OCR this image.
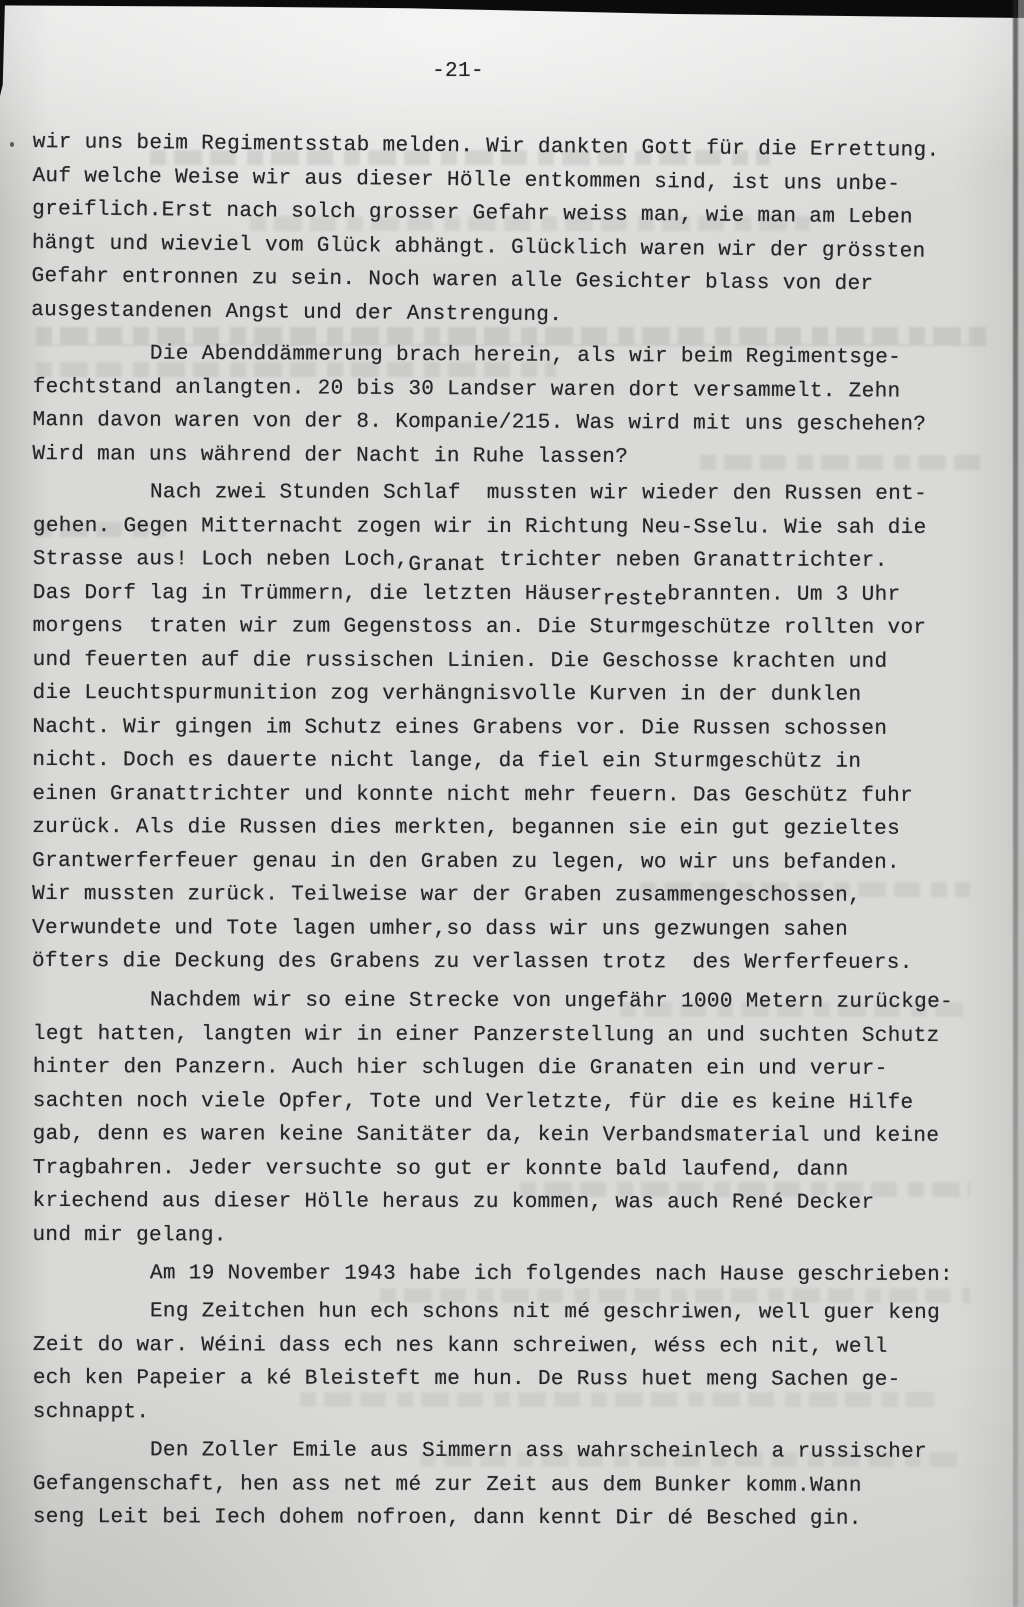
-21-
wir uns beim Regimentsstab melden. Wir dankten Gott für die Errettung.
Auf welche Weise wir aus dieser Hölle entkommen sind, ist uns unbe-
greiflich.Erst nach solch grosser Gefahr weiss man, wie man am Leben
hängt und wieviel vom Glück abhängt. Glücklich waren wir der grössten
Gefahr entronnen zu sein. Noch waren alle Gesichter blass von der
ausgestandenen Angst und der Anstrengung.
Die Abenddämmerung brach herein, als wir beim Regimentsge-
fechtstand anlangten. 20 bis 30 Landser waren dort versammelt. Zehn
Mann davon waren von der 8. Kompanie/215. Was wird mit uns geschehen?
Wird man uns während der Nacht in Ruhe lassen?
Nach zwei Stunden Schlaf  mussten wir wieder den Russen ent-
gehen. Gegen Mitternacht zogen wir in Richtung Neu-Sselu. Wie sah die
Strasse aus! Loch neben Loch,Granat trichter neben Granattrichter.
Das Dorf lag in Trümmern, die letzten Häuserrestebrannten. Um 3 Uhr
morgens  traten wir zum Gegenstoss an. Die Sturmgeschütze rollten vor
und feuerten auf die russischen Linien. Die Geschosse krachten und
die Leuchtspurmunition zog verhängnisvolle Kurven in der dunklen
Nacht. Wir gingen im Schutz eines Grabens vor. Die Russen schossen
nicht. Doch es dauerte nicht lange, da fiel ein Sturmgeschütz in
einen Granattrichter und konnte nicht mehr feuern. Das Geschütz fuhr
zurück. Als die Russen dies merkten, begannen sie ein gut gezieltes
Grantwerferfeuer genau in den Graben zu legen, wo wir uns befanden.
Wir mussten zurück. Teilweise war der Graben zusammengeschossen,
Verwundete und Tote lagen umher,so dass wir uns gezwungen sahen
öfters die Deckung des Grabens zu verlassen trotz  des Werferfeuers.
Nachdem wir so eine Strecke von ungefähr 1000 Metern zurückge-
legt hatten, langten wir in einer Panzerstellung an und suchten Schutz
hinter den Panzern. Auch hier schlugen die Granaten ein und verur-
sachten noch viele Opfer, Tote und Verletzte, für die es keine Hilfe
gab, denn es waren keine Sanitäter da, kein Verbandsmaterial und keine
Tragbahren. Jeder versuchte so gut er konnte bald laufend, dann
kriechend aus dieser Hölle heraus zu kommen, was auch René Decker
und mir gelang.
Am 19 November 1943 habe ich folgendes nach Hause geschrieben:
Eng Zeitchen hun ech schons nit mé geschriwen, well guer keng
Zeit do war. Wéini dass ech nes kann schreiwen, wéss ech nit, well
ech ken Papeier a ké Bleisteft me hun. De Russ huet meng Sachen ge-
schnappt.
Den Zoller Emile aus Simmern ass wahrscheinlech a russischer
Gefangenschaft, hen ass net mé zur Zeit aus dem Bunker komm.Wann
seng Leit bei Iech dohem nofroen, dann kennt Dir dé Besched gin.
